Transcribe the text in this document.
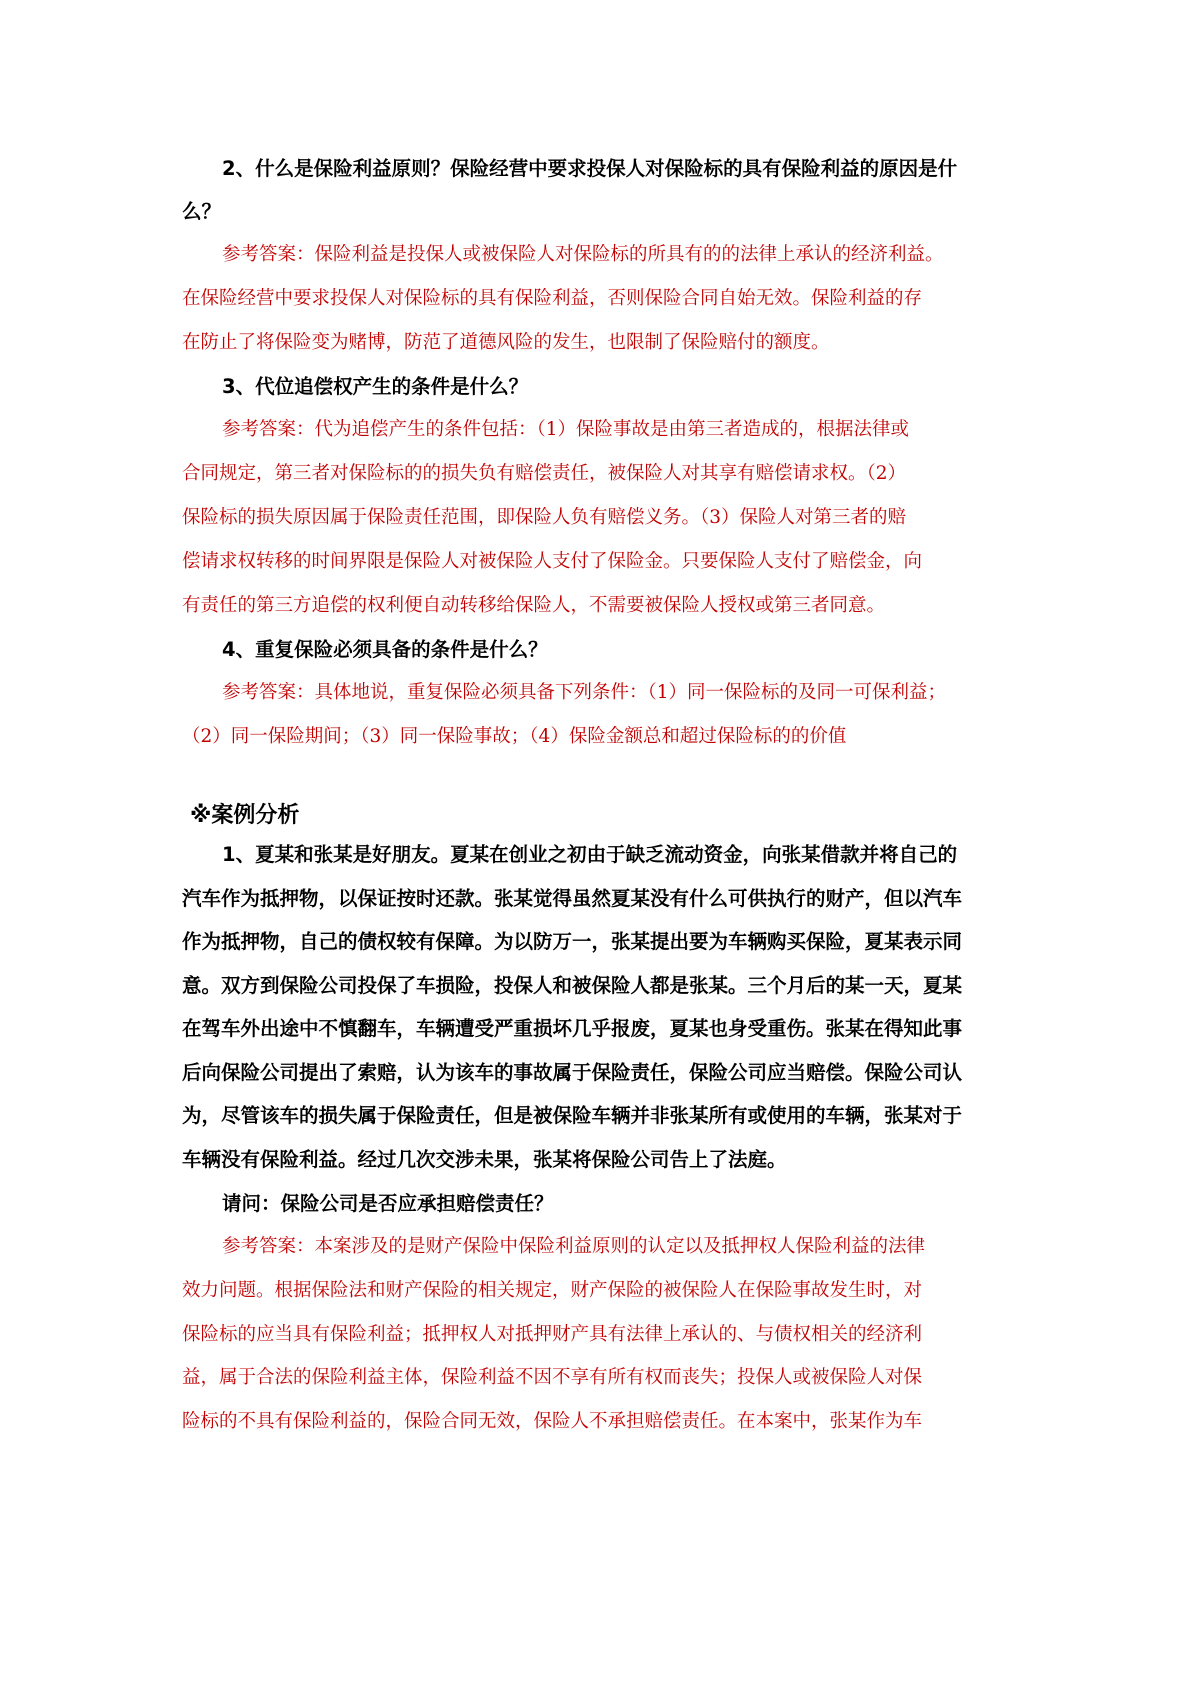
2、什么是保险利益原则？保险经营中要求投保人对保险标的具有保险利益的原因是什
么？
参考答案：保险利益是投保人或被保险人对保险标的所具有的的法律上承认的经济利益。
在保险经营中要求投保人对保险标的具有保险利益，否则保险合同自始无效。保险利益的存
在防止了将保险变为赌博，防范了道德风险的发生，也限制了保险赔付的额度。
3、代位追偿权产生的条件是什么？
参考答案：代为追偿产生的条件包括：（1）保险事故是由第三者造成的，根据法律或
合同规定，第三者对保险标的的损失负有赔偿责任，被保险人对其享有赔偿请求权。（2）
保险标的损失原因属于保险责任范围，即保险人负有赔偿义务。（3）保险人对第三者的赔
偿请求权转移的时间界限是保险人对被保险人支付了保险金。只要保险人支付了赔偿金，向
有责任的第三方追偿的权利便自动转移给保险人，不需要被保险人授权或第三者同意。
4、重复保险必须具备的条件是什么？
参考答案：具体地说，重复保险必须具备下列条件：（1）同一保险标的及同一可保利益；
（2）同一保险期间；（3）同一保险事故；（4）保险金额总和超过保险标的的价值
※案例分析
1、夏某和张某是好朋友。夏某在创业之初由于缺乏流动资金，向张某借款并将自己的
汽车作为抵押物，以保证按时还款。张某觉得虽然夏某没有什么可供执行的财产，但以汽车
作为抵押物，自己的债权较有保障。为以防万一，张某提出要为车辆购买保险，夏某表示同
意。双方到保险公司投保了车损险，投保人和被保险人都是张某。三个月后的某一天，夏某
在驾车外出途中不慎翻车，车辆遭受严重损坏几乎报废，夏某也身受重伤。张某在得知此事
后向保险公司提出了索赔，认为该车的事故属于保险责任，保险公司应当赔偿。保险公司认
为，尽管该车的损失属于保险责任，但是被保险车辆并非张某所有或使用的车辆，张某对于
车辆没有保险利益。经过几次交涉未果，张某将保险公司告上了法庭。
请问：保险公司是否应承担赔偿责任？
参考答案：本案涉及的是财产保险中保险利益原则的认定以及抵押权人保险利益的法律
效力问题。根据保险法和财产保险的相关规定，财产保险的被保险人在保险事故发生时，对
保险标的应当具有保险利益；抵押权人对抵押财产具有法律上承认的、与债权相关的经济利
益，属于合法的保险利益主体，保险利益不因不享有所有权而丧失；投保人或被保险人对保
险标的不具有保险利益的，保险合同无效，保险人不承担赔偿责任。在本案中，张某作为车
